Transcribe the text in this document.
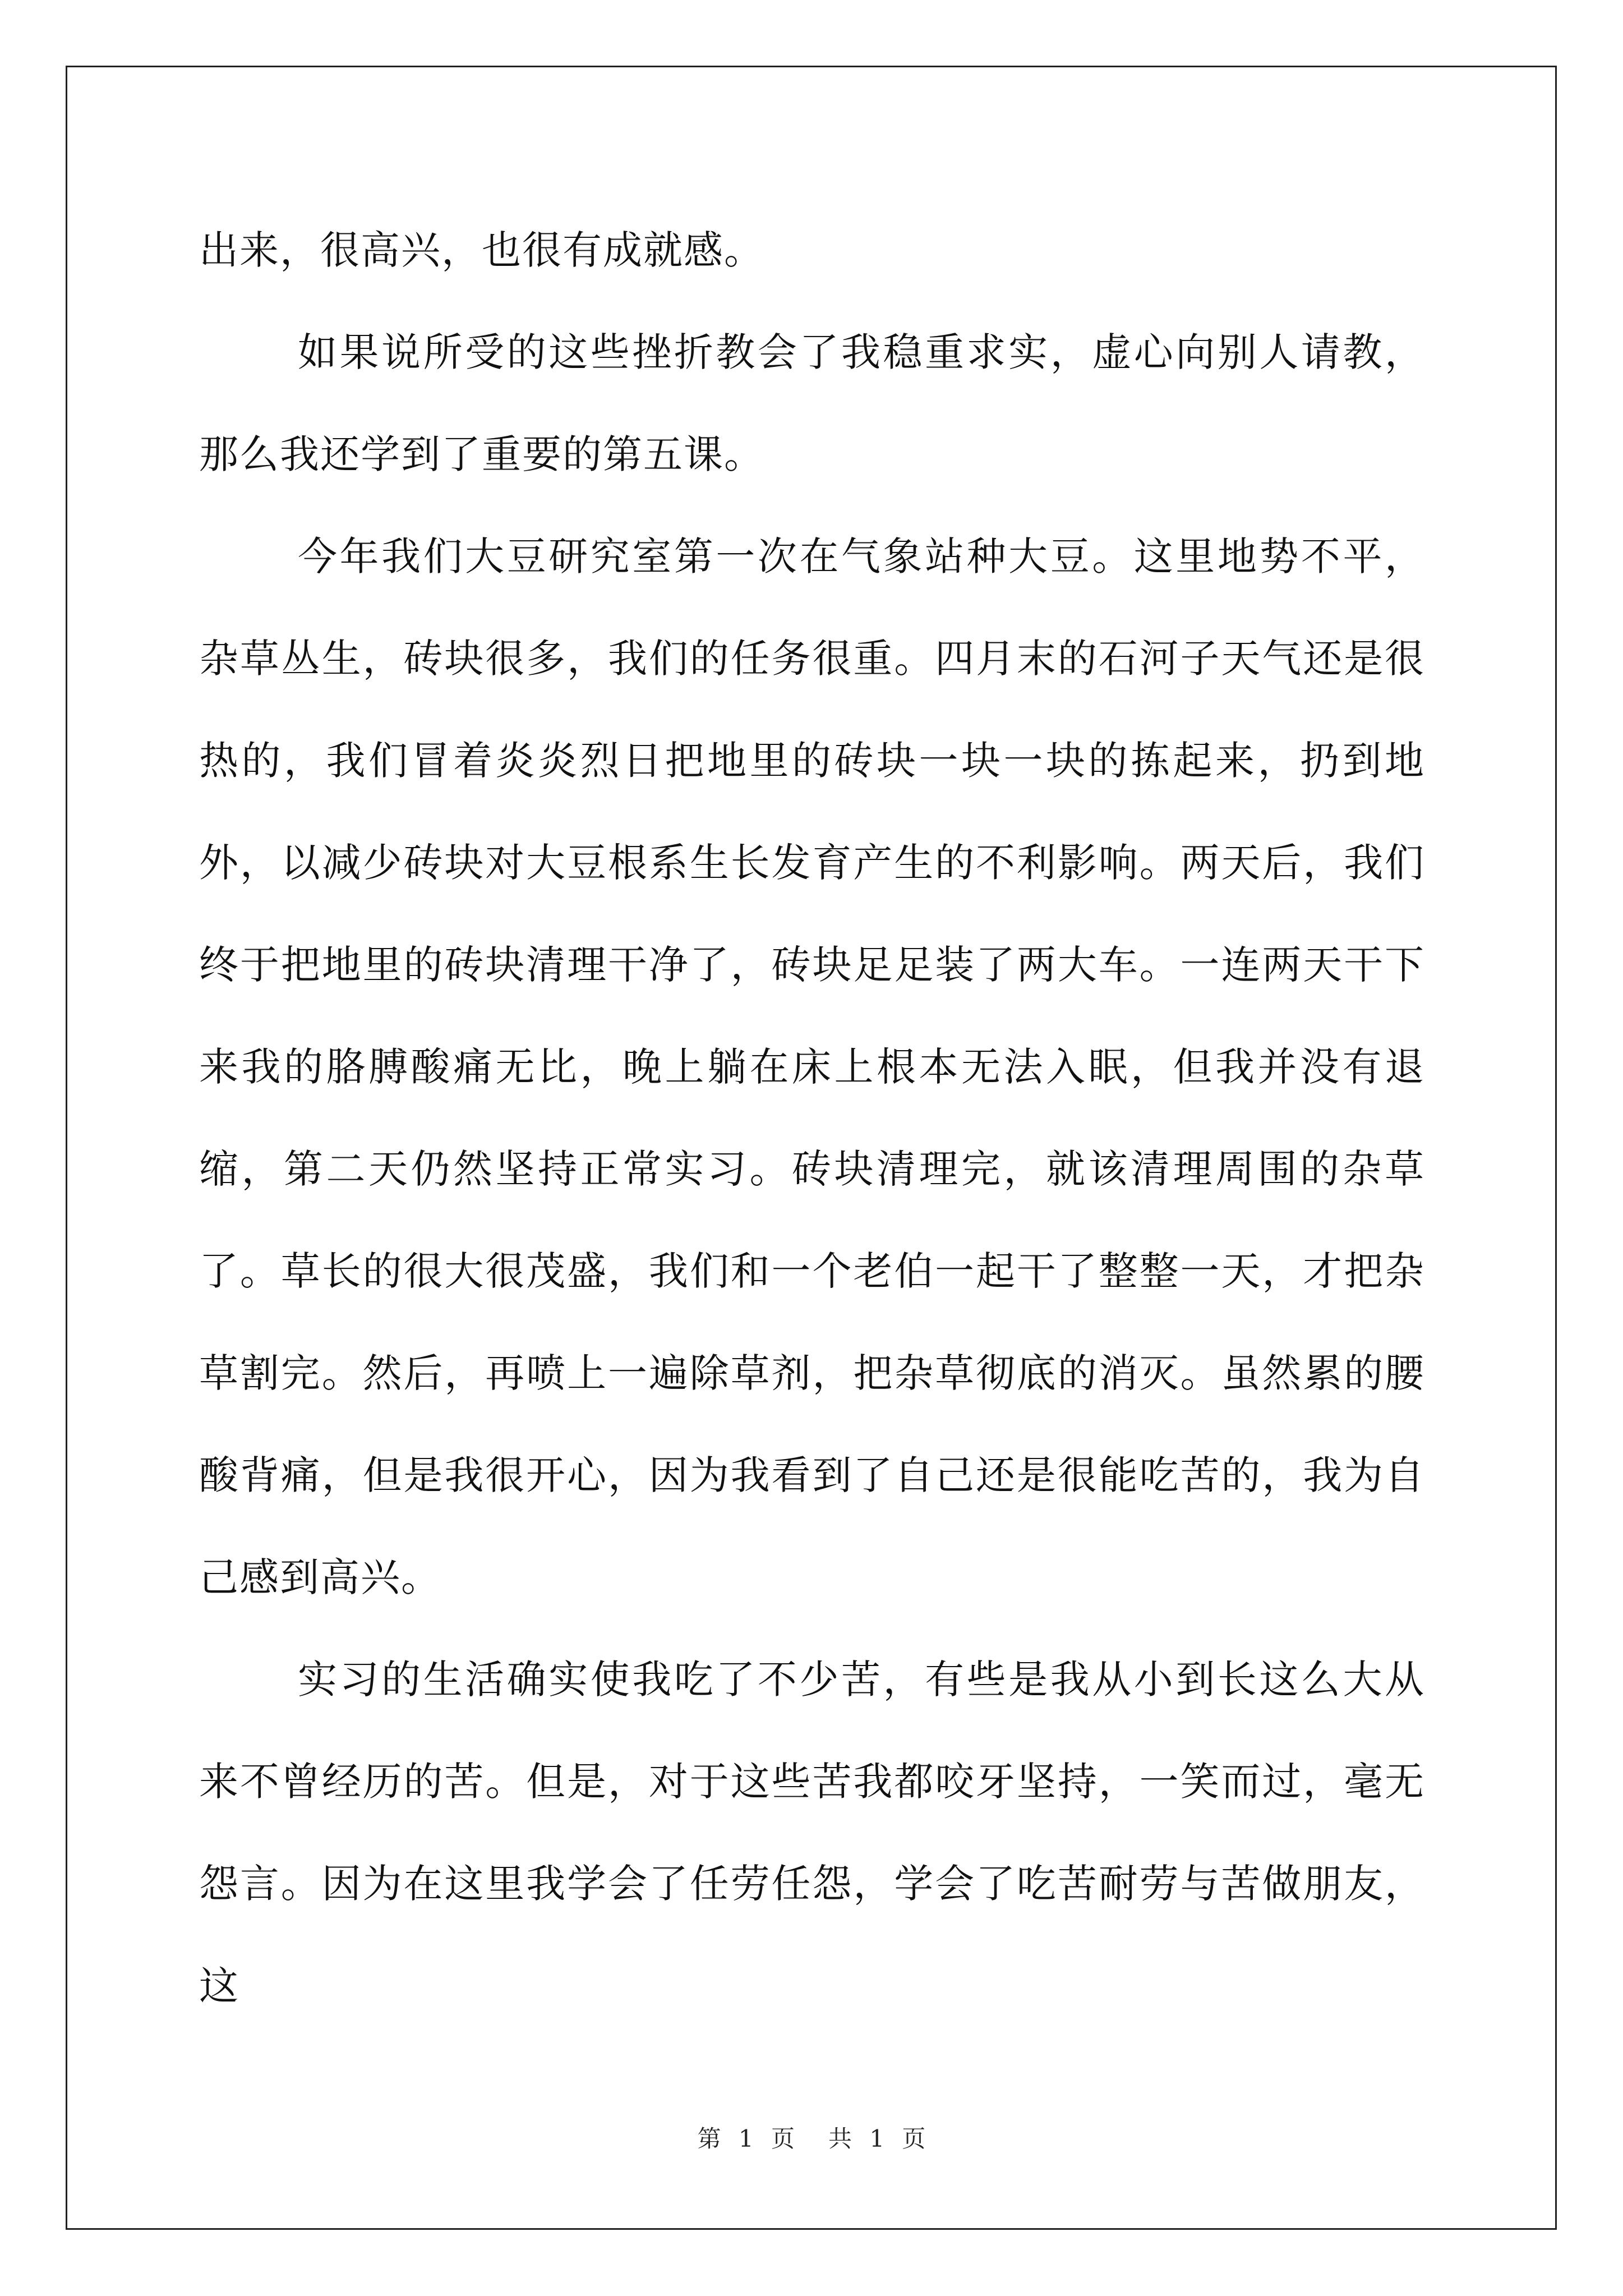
出来，很高兴，也很有成就感。

如果说所受的这些挫折教会了我稳重求实，虚心向别人请教，那么我还学到了重要的第五课。

今年我们大豆研究室第一次在气象站种大豆。这里地势不平，杂草丛生，砖块很多，我们的任务很重。四月末的石河子天气还是很热的，我们冒着炎炎烈日把地里的砖块一块一块的拣起来，扔到地外，以减少砖块对大豆根系生长发育产生的不利影响。两天后，我们终于把地里的砖块清理干净了，砖块足足装了两大车。一连两天干下来我的胳膊酸痛无比，晚上躺在床上根本无法入眠，但我并没有退缩，第二天仍然坚持正常实习。砖块清理完，就该清理周围的杂草了。草长的很大很茂盛，我们和一个老伯一起干了整整一天，才把杂草割完。然后，再喷上一遍除草剂，把杂草彻底的消灭。虽然累的腰酸背痛，但是我很开心，因为我看到了自己还是很能吃苦的，我为自己感到高兴。

实习的生活确实使我吃了不少苦，有些是我从小到长这么大从来不曾经历的苦。但是，对于这些苦我都咬牙坚持，一笑而过，毫无怨言。因为在这里我学会了任劳任怨，学会了吃苦耐劳与苦做朋友，这

第 1 页 共 1 页
